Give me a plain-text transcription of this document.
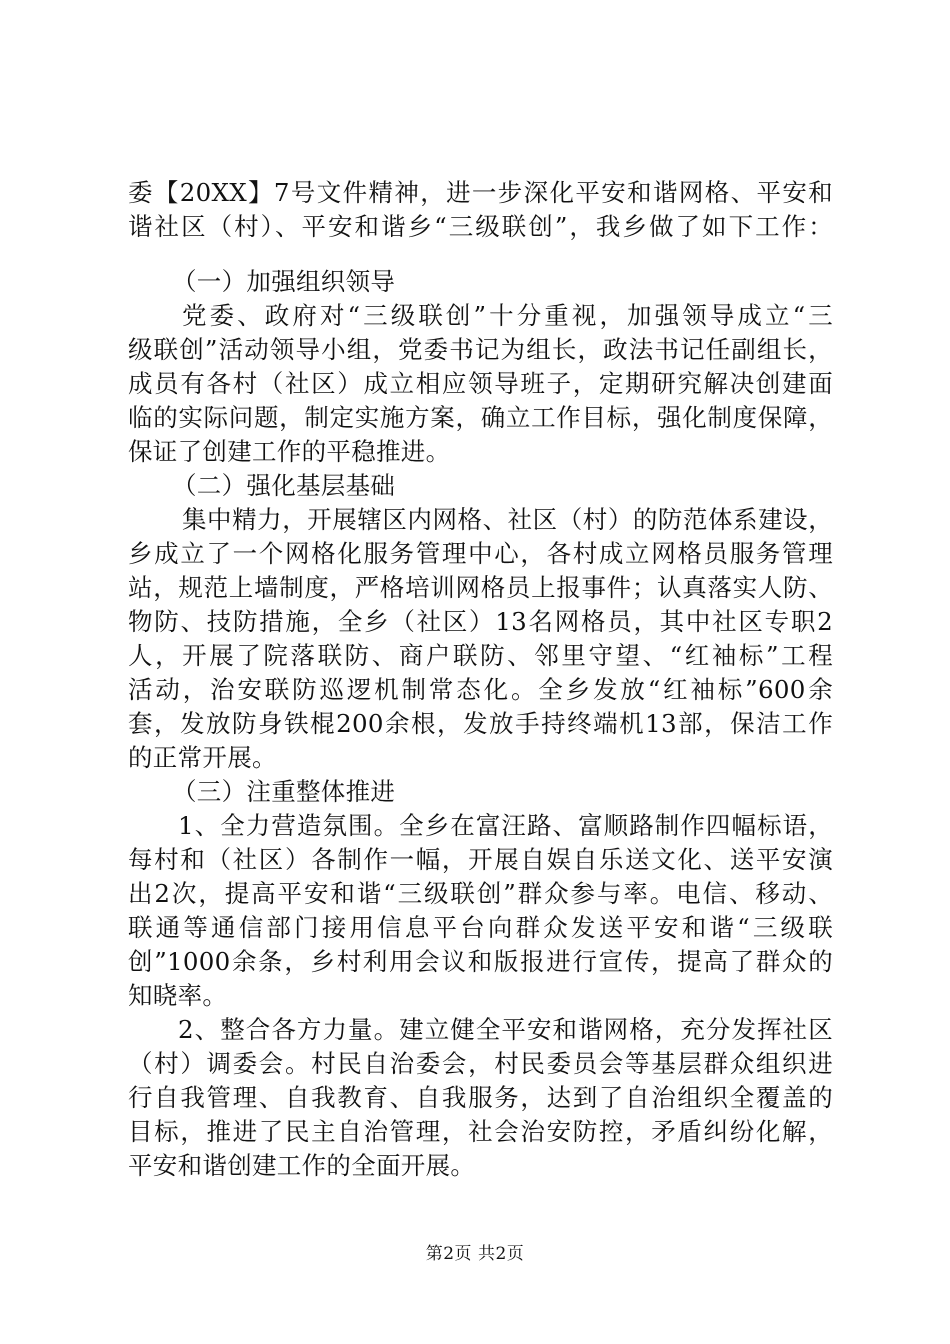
委【20XX】7号文件精神，进一步深化平安和谐网格、平安和
谐社区（村）、平安和谐乡“三级联创”，我乡做了如下工作：
（一）加强组织领导
党委、政府对“三级联创”十分重视，加强领导成立“三
级联创”活动领导小组，党委书记为组长，政法书记任副组长，
成员有各村（社区）成立相应领导班子，定期研究解决创建面
临的实际问题，制定实施方案，确立工作目标，强化制度保障，
保证了创建工作的平稳推进。
（二）强化基层基础
集中精力，开展辖区内网格、社区（村）的防范体系建设，
乡成立了一个网格化服务管理中心，各村成立网格员服务管理
站，规范上墙制度，严格培训网格员上报事件；认真落实人防、
物防、技防措施，全乡（社区）13名网格员，其中社区专职2
人，开展了院落联防、商户联防、邻里守望、“红袖标”工程
活动，治安联防巡逻机制常态化。全乡发放“红袖标”600余
套，发放防身铁棍200余根，发放手持终端机13部，保洁工作
的正常开展。
（三）注重整体推进
1、全力营造氛围。全乡在富汪路、富顺路制作四幅标语，
每村和（社区）各制作一幅，开展自娱自乐送文化、送平安演
出2次，提高平安和谐“三级联创”群众参与率。电信、移动、
联通等通信部门接用信息平台向群众发送平安和谐“三级联
创”1000余条，乡村利用会议和版报进行宣传，提高了群众的
知晓率。
2、整合各方力量。建立健全平安和谐网格，充分发挥社区
（村）调委会。村民自治委会，村民委员会等基层群众组织进
行自我管理、自我教育、自我服务，达到了自治组织全覆盖的
目标，推进了民主自治管理，社会治安防控，矛盾纠纷化解，
平安和谐创建工作的全面开展。
第2页 共2页
